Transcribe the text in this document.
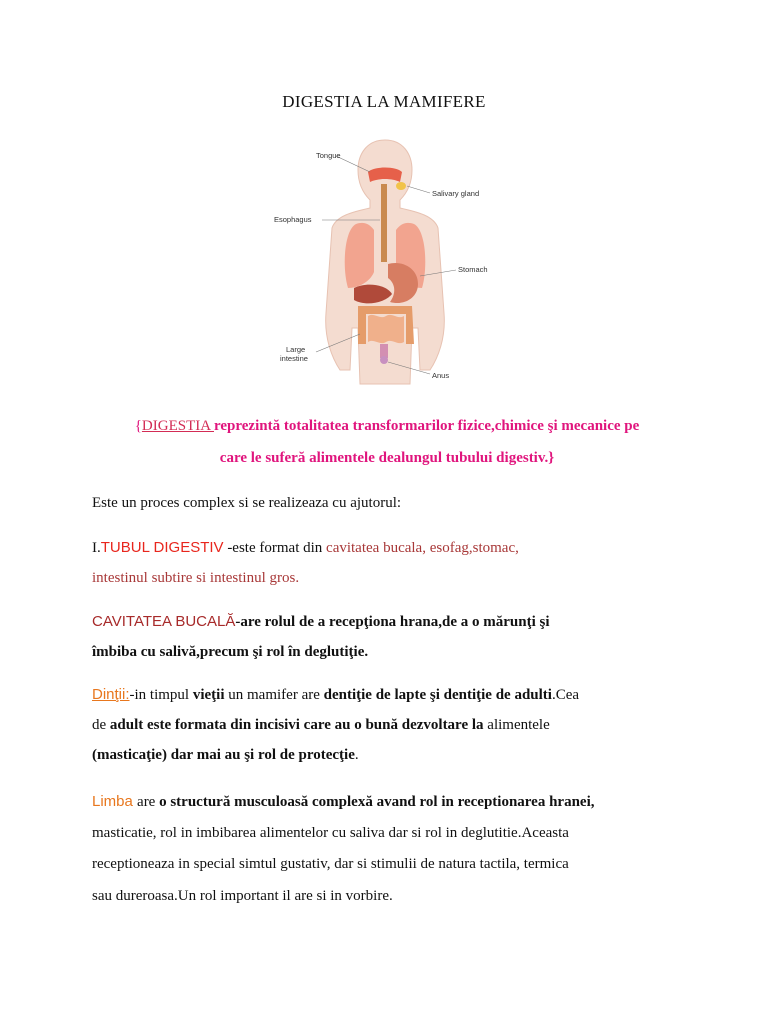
DIGESTIA LA MAMIFERE
Tongue
Salivary gland
Esophagus
Stomach
Large
intestine
Anus
{DIGESTIA reprezintă totalitatea transformarilor fizice,chimice şi mecanice pe
care le suferă alimentele dealungul tubului digestiv.}
Este un proces complex si se realizeaza cu ajutorul:
I.TUBUL DIGESTIV -este format din cavitatea bucala, esofag,stomac,
intestinul subtire si intestinul gros.
CAVITATEA BUCALĂ-are rolul de a recepţiona hrana,de a o mărunţi şi
îmbiba cu salivă,precum şi rol în deglutiţie.
Dinţii:-in timpul vieţii un mamifer are dentiţie de lapte şi dentiţie de adulti.Cea
de adult este formata din incisivi care au o bună dezvoltare la alimentele
(masticaţie) dar mai au şi rol de protecţie.
Limba are o structură musculoasă complexă avand rol in receptionarea hranei,
masticatie, rol in imbibarea alimentelor cu saliva dar si rol in deglutitie.Aceasta
receptioneaza in special simtul gustativ, dar si stimulii de natura tactila, termica
sau dureroasa.Un rol important il are si in vorbire.
